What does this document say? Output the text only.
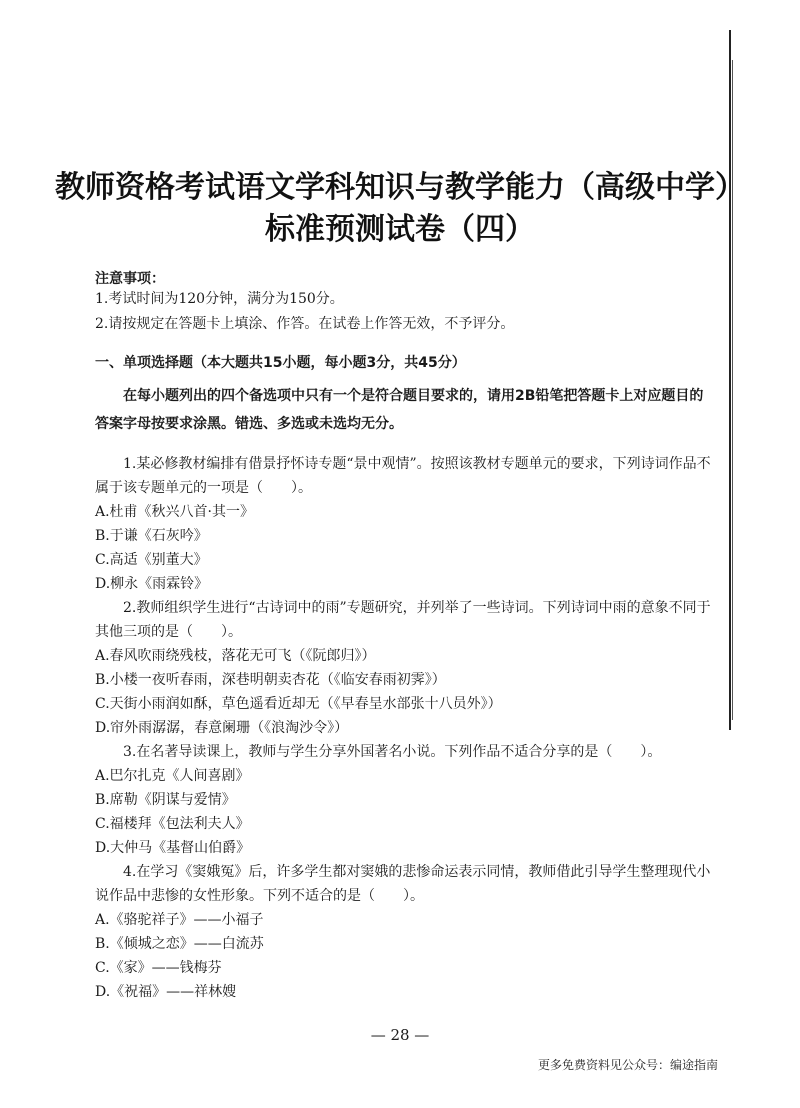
教师资格考试语文学科知识与教学能力（高级中学）
标准预测试卷（四）
注意事项：
1.考试时间为120分钟，满分为150分。
2.请按规定在答题卡上填涂、作答。在试卷上作答无效，不予评分。
一、单项选择题（本大题共15小题，每小题3分，共45分）
在每小题列出的四个备选项中只有一个是符合题目要求的，请用2B铅笔把答题卡上对应题目的答案字母按要求涂黑。错选、多选或未选均无分。

1.某必修教材编排有借景抒怀诗专题“景中观情”。按照该教材专题单元的要求，下列诗词作品不属于该专题单元的一项是（　　）。

A.杜甫《秋兴八首·其一》

B.于谦《石灰吟》

C.高适《别董大》

D.柳永《雨霖铃》

2.教师组织学生进行“古诗词中的雨”专题研究，并列举了一些诗词。下列诗词中雨的意象不同于其他三项的是（　　）。

A.春风吹雨绕残枝，落花无可飞（《阮郎归》）

B.小楼一夜听春雨，深巷明朝卖杏花（《临安春雨初霁》）

C.天街小雨润如酥，草色遥看近却无（《早春呈水部张十八员外》）

D.帘外雨潺潺，春意阑珊（《浪淘沙令》）

3.在名著导读课上，教师与学生分享外国著名小说。下列作品不适合分享的是（　　）。

A.巴尔扎克《人间喜剧》

B.席勒《阴谋与爱情》

C.福楼拜《包法利夫人》

D.大仲马《基督山伯爵》

4.在学习《窦娥冤》后，许多学生都对窦娥的悲惨命运表示同情，教师借此引导学生整理现代小说作品中悲惨的女性形象。下列不适合的是（　　）。

A.《骆驼祥子》——小福子

B.《倾城之恋》——白流苏

C.《家》——钱梅芬

D.《祝福》——祥林嫂

— 28 —
更多免费资料见公众号：编途指南
